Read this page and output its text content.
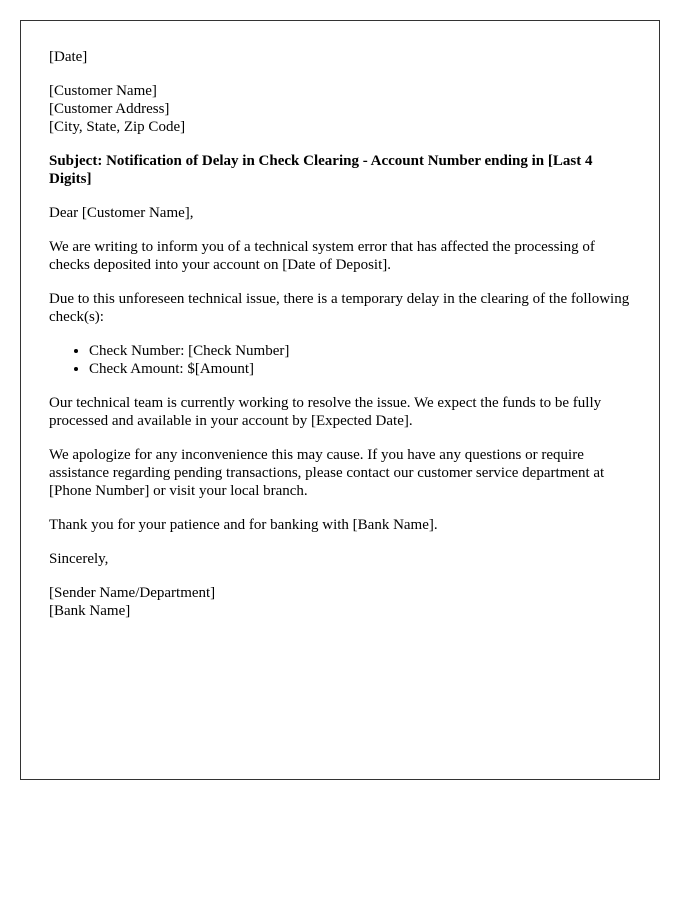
[Date]
[Customer Name]
[Customer Address]
[City, State, Zip Code]
Subject: Notification of Delay in Check Clearing - Account Number ending in [Last 4 Digits]

Dear [Customer Name],

We are writing to inform you of a technical system error that has affected the processing of checks deposited into your account on [Date of Deposit].

Due to this unforeseen technical issue, there is a temporary delay in the clearing of the following check(s):

• Check Number: [Check Number]
• Check Amount: $[Amount]

Our technical team is currently working to resolve the issue. We expect the funds to be fully processed and available in your account by [Expected Date].

We apologize for any inconvenience this may cause. If you have any questions or require assistance regarding pending transactions, please contact our customer service department at [Phone Number] or visit your local branch.

Thank you for your patience and for banking with [Bank Name].

Sincerely,

[Sender Name/Department]
[Bank Name]
